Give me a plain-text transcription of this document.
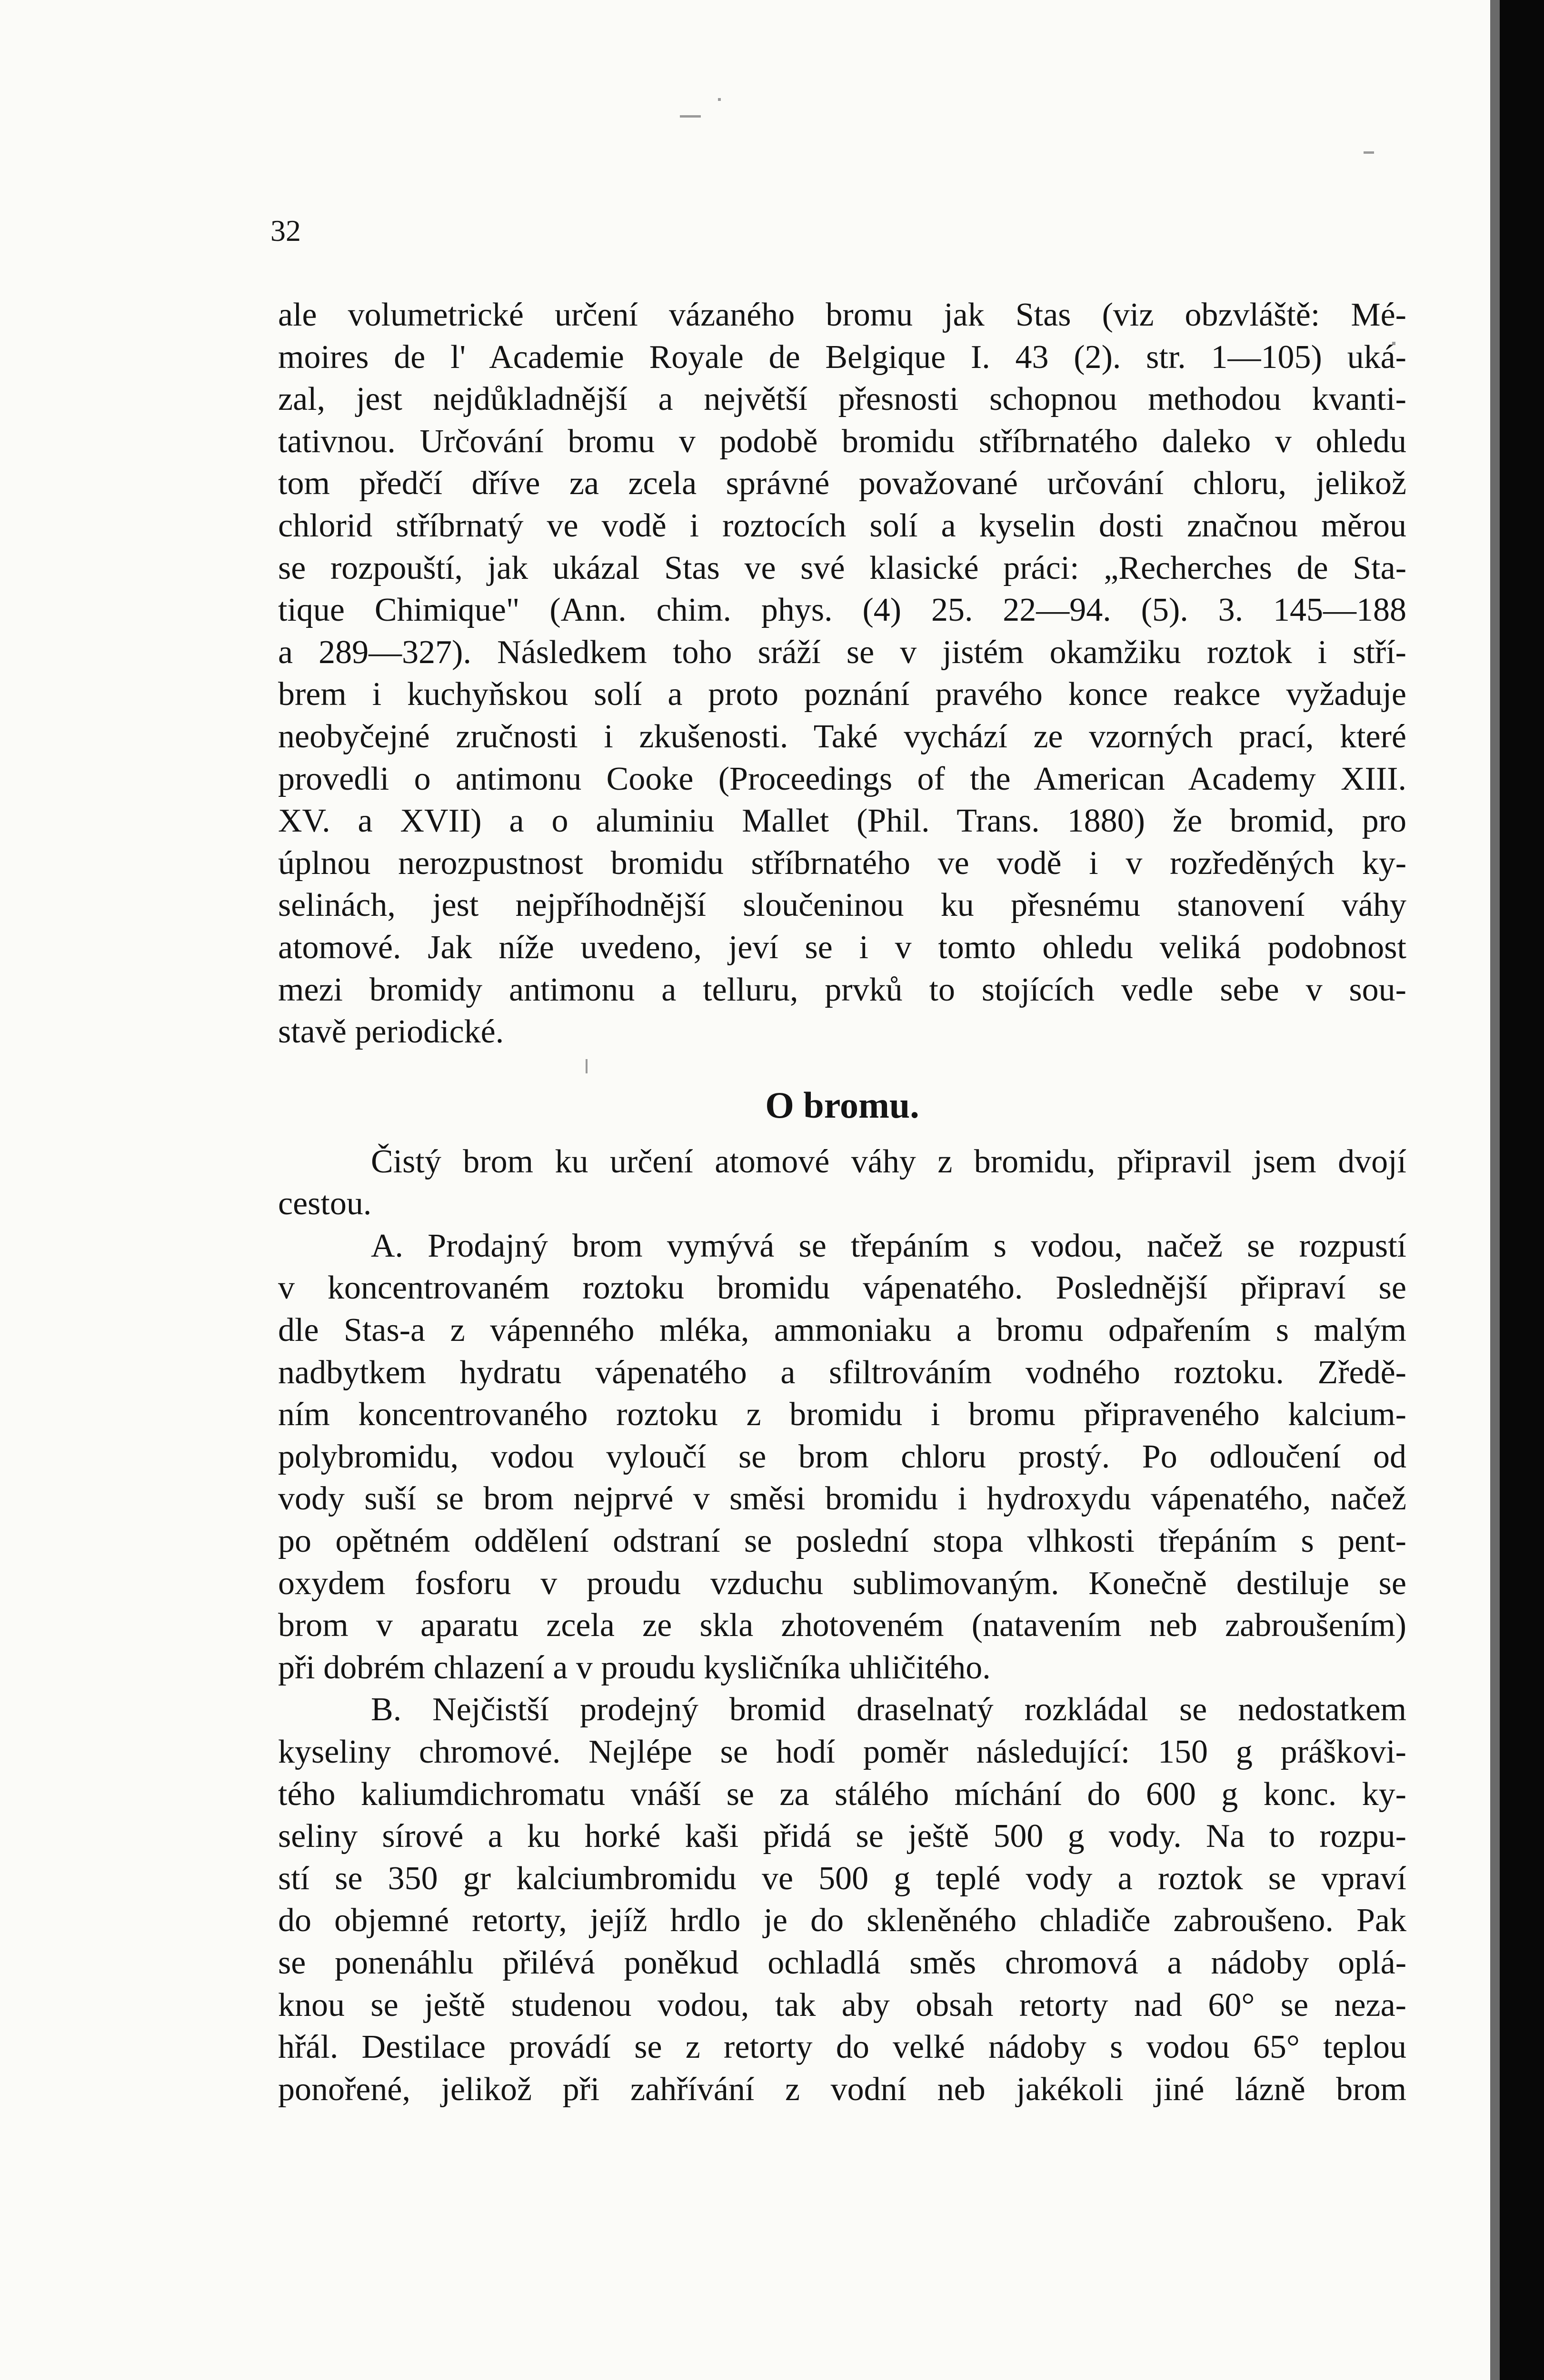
32
ale volumetrické určení vázaného bromu jak Stas (viz obzvláště: Mé-
moires de l' Academie Royale de Belgique I. 43 (2). str. 1—105) uká-
zal, jest nejdůkladnější a největší přesnosti schopnou methodou kvanti-
tativnou. Určování bromu v podobě bromidu stříbrnatého daleko v ohledu
tom předčí dříve za zcela správné považované určování chloru, jelikož
chlorid stříbrnatý ve vodě i roztocích solí a kyselin dosti značnou měrou
se rozpouští, jak ukázal Stas ve své klasické práci: „Recherches de Sta-
tique Chimique" (Ann. chim. phys. (4) 25. 22—94. (5). 3. 145—188
a 289—327). Následkem toho sráží se v jistém okamžiku roztok i stří-
brem i kuchyňskou solí a proto poznání pravého konce reakce vyžaduje
neobyčejné zručnosti i zkušenosti. Také vychází ze vzorných prací, které
provedli o antimonu Cooke (Proceedings of the American Academy XIII.
XV. a XVII) a o aluminiu Mallet (Phil. Trans. 1880) že bromid, pro
úplnou nerozpustnost bromidu stříbrnatého ve vodě i v rozředěných ky-
selinách, jest nejpříhodnější sloučeninou ku přesnému stanovení váhy
atomové. Jak níže uvedeno, jeví se i v tomto ohledu veliká podobnost
mezi bromidy antimonu a telluru, prvků to stojících vedle sebe v sou-
stavě periodické.
O bromu.
Čistý brom ku určení atomové váhy z bromidu, připravil jsem dvojí
cestou.
A. Prodajný brom vymývá se třepáním s vodou, načež se rozpustí
v koncentrovaném roztoku bromidu vápenatého. Poslednější připraví se
dle Stas-a z vápenného mléka, ammoniaku a bromu odpařením s malým
nadbytkem hydratu vápenatého a sfiltrováním vodného roztoku. Zředě-
ním koncentrovaného roztoku z bromidu i bromu připraveného kalcium-
polybromidu, vodou vyloučí se brom chloru prostý. Po odloučení od
vody suší se brom nejprvé v směsi bromidu i hydroxydu vápenatého, načež
po opětném oddělení odstraní se poslední stopa vlhkosti třepáním s pent-
oxydem fosforu v proudu vzduchu sublimovaným. Konečně destiluje se
brom v aparatu zcela ze skla zhotoveném (natavením neb zabroušením)
při dobrém chlazení a v proudu kysličníka uhličitého.
B. Nejčistší prodejný bromid draselnatý rozkládal se nedostatkem
kyseliny chromové. Nejlépe se hodí poměr následující: 150 g práškovi-
tého kaliumdichromatu vnáší se za stálého míchání do 600 g konc. ky-
seliny sírové a ku horké kaši přidá se ještě 500 g vody. Na to rozpu-
stí se 350 gr kalciumbromidu ve 500 g teplé vody a roztok se vpraví
do objemné retorty, jejíž hrdlo je do skleněného chladiče zabroušeno. Pak
se ponenáhlu přilévá poněkud ochladlá směs chromová a nádoby oplá-
knou se ještě studenou vodou, tak aby obsah retorty nad 60° se neza-
hřál. Destilace provádí se z retorty do velké nádoby s vodou 65° teplou
ponořené, jelikož při zahřívání z vodní neb jakékoli jiné lázně brom
